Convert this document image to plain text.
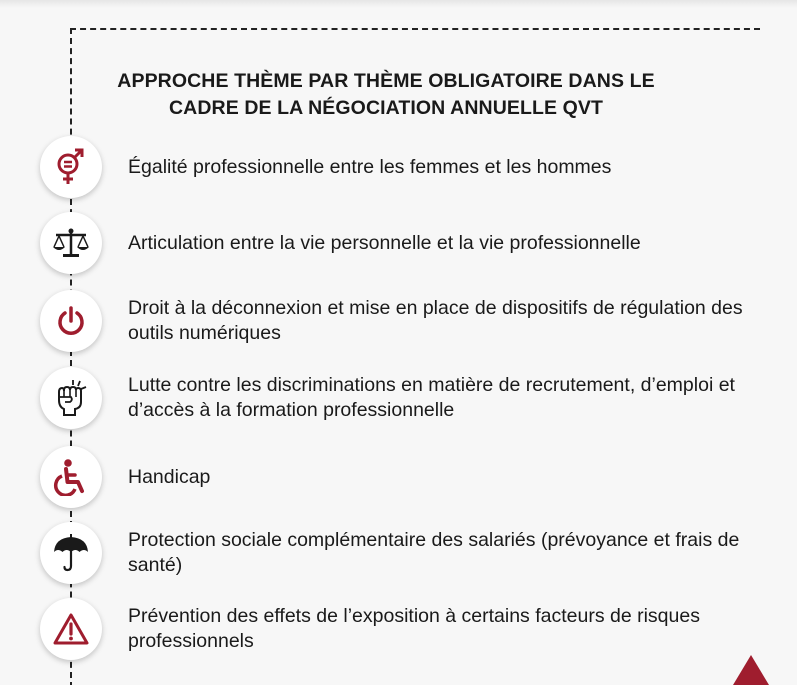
APPROCHE THÈME PAR THÈME OBLIGATOIRE DANS LE
CADRE DE LA NÉGOCIATION ANNUELLE QVT
Égalité professionnelle entre les femmes et les hommes
Articulation entre la vie personnelle et la vie professionnelle
Droit à la déconnexion et mise en place de dispositifs de régulation des outils numériques
Lutte contre les discriminations en matière de recrutement, d’emploi et d’accès à la formation professionnelle
Handicap
Protection sociale complémentaire des salariés (prévoyance et frais de santé)
Prévention des effets de l’exposition à certains facteurs de risques professionnels
